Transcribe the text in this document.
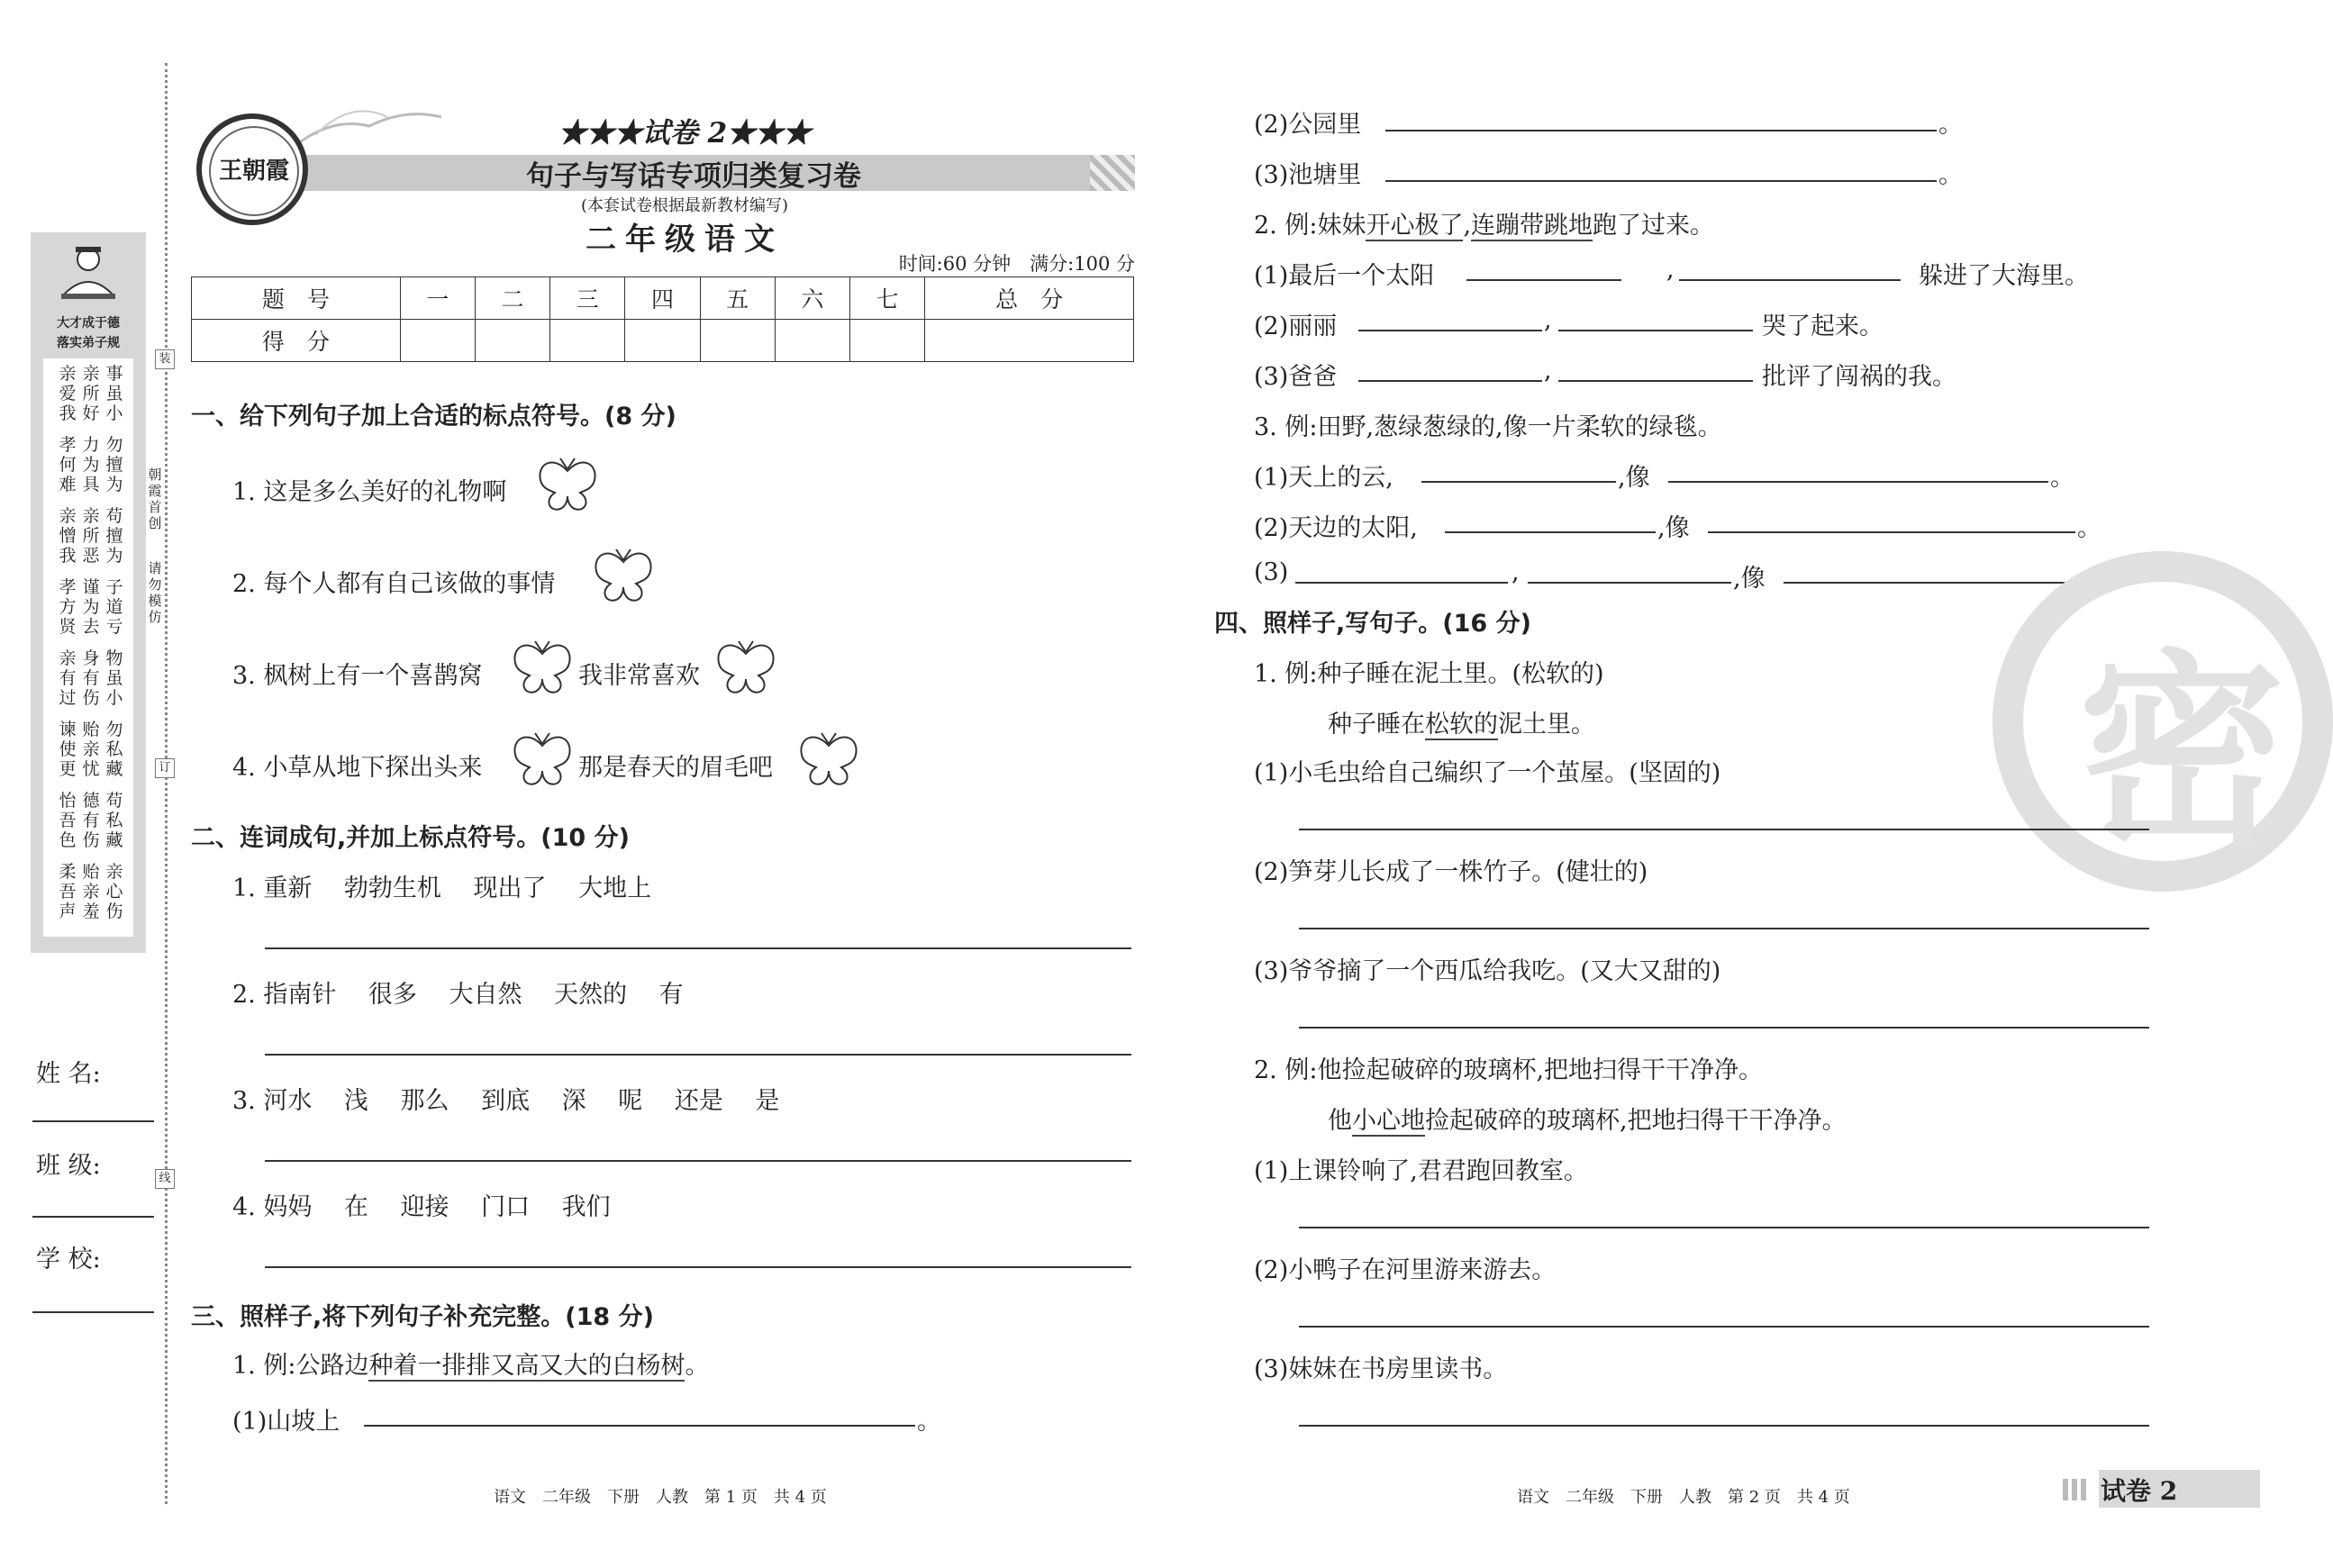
大才成于德
落实弟子规
事虽小
亲所好
亲爱我
勿擅为
力为具
孝何难
苟擅为
亲所恶
亲憎我
子道亏
谨为去
孝方贤
物虽小
身有伤
亲有过
勿私藏
贻亲忧
谏使更
苟私藏
德有伤
怡吾色
亲心伤
贻亲羞
柔吾声
朝霞首创
请勿模仿
装
订
线
姓 名:
班 级:
学 校:
王朝霞
★★★试卷 2★★★
句子与写话专项归类复习卷
(本套试卷根据最新教材编写)
二年级语文
时间:60 分钟　满分:100 分
题　号	一	二	三	四	五	六	七	总　分
得　分								
一、给下列句子加上合适的标点符号。(8 分)
1. 这是多么美好的礼物啊
2. 每个人都有自己该做的事情
3. 枫树上有一个喜鹊窝	我非常喜欢
4. 小草从地下探出头来	那是春天的眉毛吧
二、连词成句,并加上标点符号。(10 分)
1. 重新　 勃勃生机　 现出了　 大地上
2. 指南针　 很多　 大自然　 天然的　 有
3. 河水　 浅　 那么　 到底　 深　 呢　 还是　 是
4. 妈妈　 在　 迎接　 门口　 我们
三、照样子,将下列句子补充完整。(18 分)
1. 例:公路边种着一排排又高又大的白杨树。
(1)山坡上	。
(2)公园里	。
(3)池塘里	。
2. 例:妹妹开心极了,连蹦带跳地跑了过来。
(1)最后一个太阳	,	躲进了大海里。
(2)丽丽	,	哭了起来。
(3)爸爸	,	批评了闯祸的我。
3. 例:田野,葱绿葱绿的,像一片柔软的绿毯。
(1)天上的云,	,像	。
(2)天边的太阳,	,像	。
(3)	,	,像	。
密
四、照样子,写句子。(16 分)
1. 例:种子睡在泥土里。(松软的)
种子睡在松软的泥土里。
(1)小毛虫给自己编织了一个茧屋。(坚固的)
(2)笋芽儿长成了一株竹子。(健壮的)
(3)爷爷摘了一个西瓜给我吃。(又大又甜的)
2. 例:他捡起破碎的玻璃杯,把地扫得干干净净。
他小心地捡起破碎的玻璃杯,把地扫得干干净净。
(1)上课铃响了,君君跑回教室。
(2)小鸭子在河里游来游去。
(3)妹妹在书房里读书。
语文　二年级　下册　人教　第 1 页　共 4 页	语文　二年级　下册　人教　第 2 页　共 4 页	试卷 2
